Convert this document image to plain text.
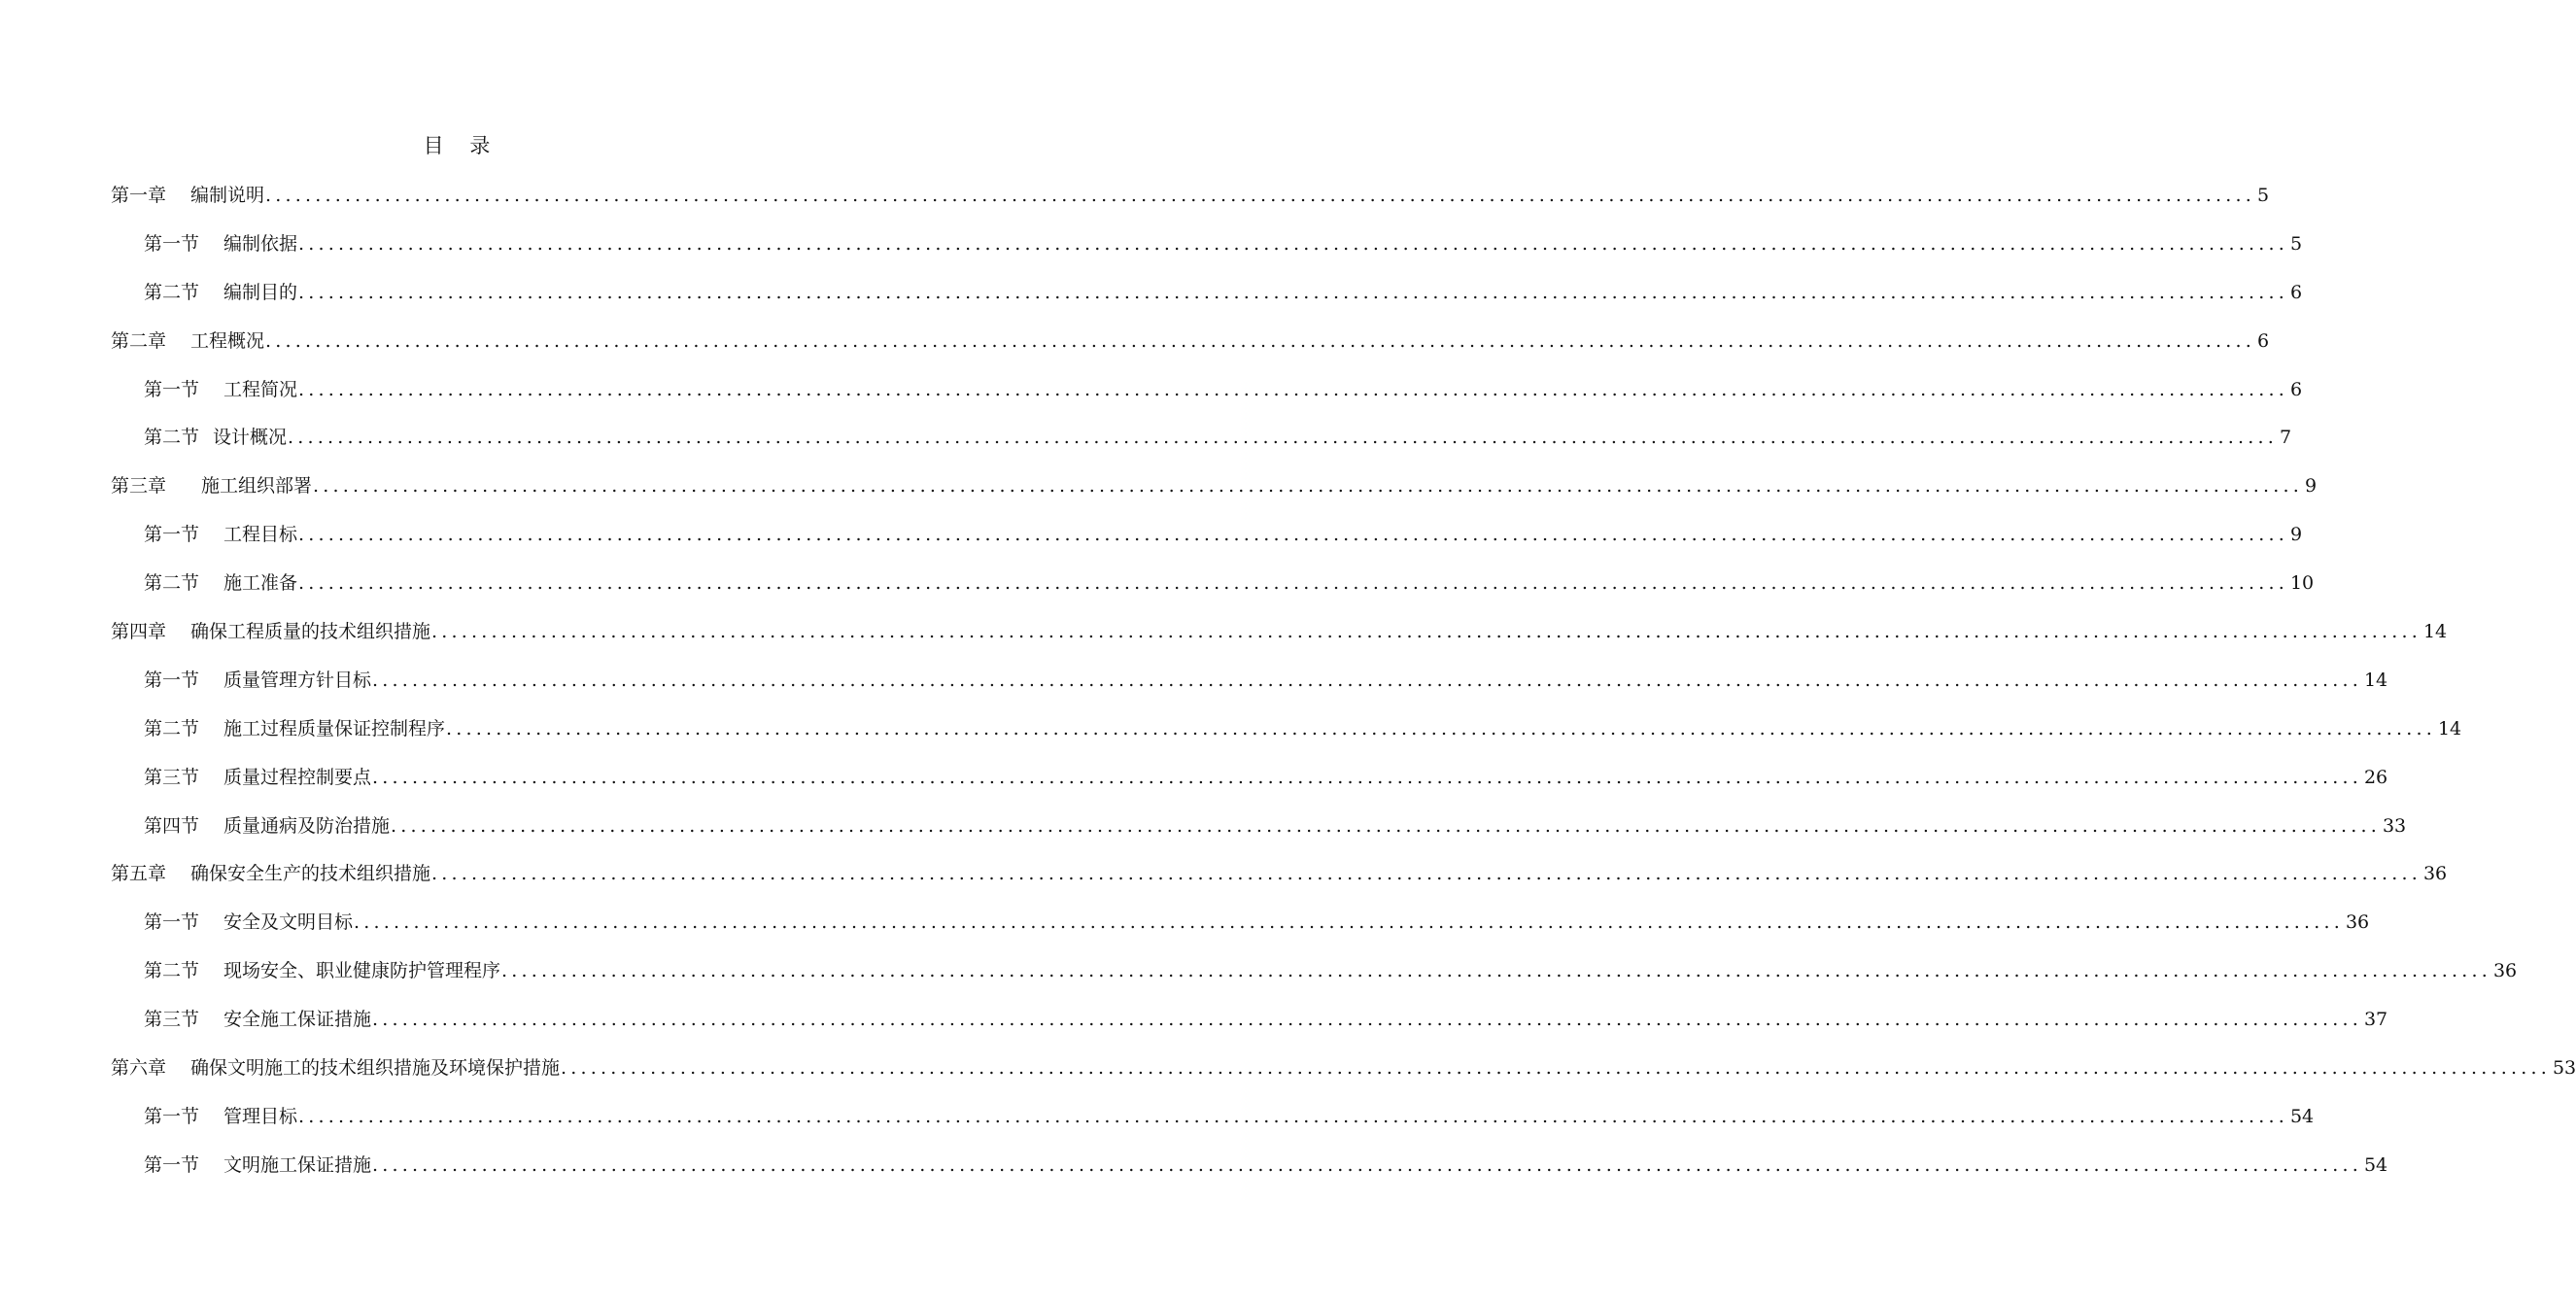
目 录
第一章 编制说明 ........................................................................................................................................................................................................ 5
第一节 编制依据 ........................................................................................................................................................................................................ 5
第二节 编制目的 ........................................................................................................................................................................................................ 6
第二章 工程概况 ........................................................................................................................................................................................................ 6
第一节 工程简况 ........................................................................................................................................................................................................ 6
第二节 设计概况 ........................................................................................................................................................................................................ 7
第三章 施工组织部署 ........................................................................................................................................................................................................ 9
第一节 工程目标 ........................................................................................................................................................................................................ 9
第二节 施工准备 ........................................................................................................................................................................................................ 10
第四章 确保工程质量的技术组织措施 ........................................................................................................................................................................................................ 14
第一节 质量管理方针目标 ........................................................................................................................................................................................................ 14
第二节 施工过程质量保证控制程序 ........................................................................................................................................................................................................ 14
第三节 质量过程控制要点 ........................................................................................................................................................................................................ 26
第四节 质量通病及防治措施 ........................................................................................................................................................................................................ 33
第五章 确保安全生产的技术组织措施 ........................................................................................................................................................................................................ 36
第一节 安全及文明目标 ........................................................................................................................................................................................................ 36
第二节 现场安全、职业健康防护管理程序 ........................................................................................................................................................................................................ 36
第三节 安全施工保证措施 ........................................................................................................................................................................................................ 37
第六章 确保文明施工的技术组织措施及环境保护措施 ........................................................................................................................................................................................................ 53
第一节 管理目标 ........................................................................................................................................................................................................ 54
第一节 文明施工保证措施 ........................................................................................................................................................................................................ 54
